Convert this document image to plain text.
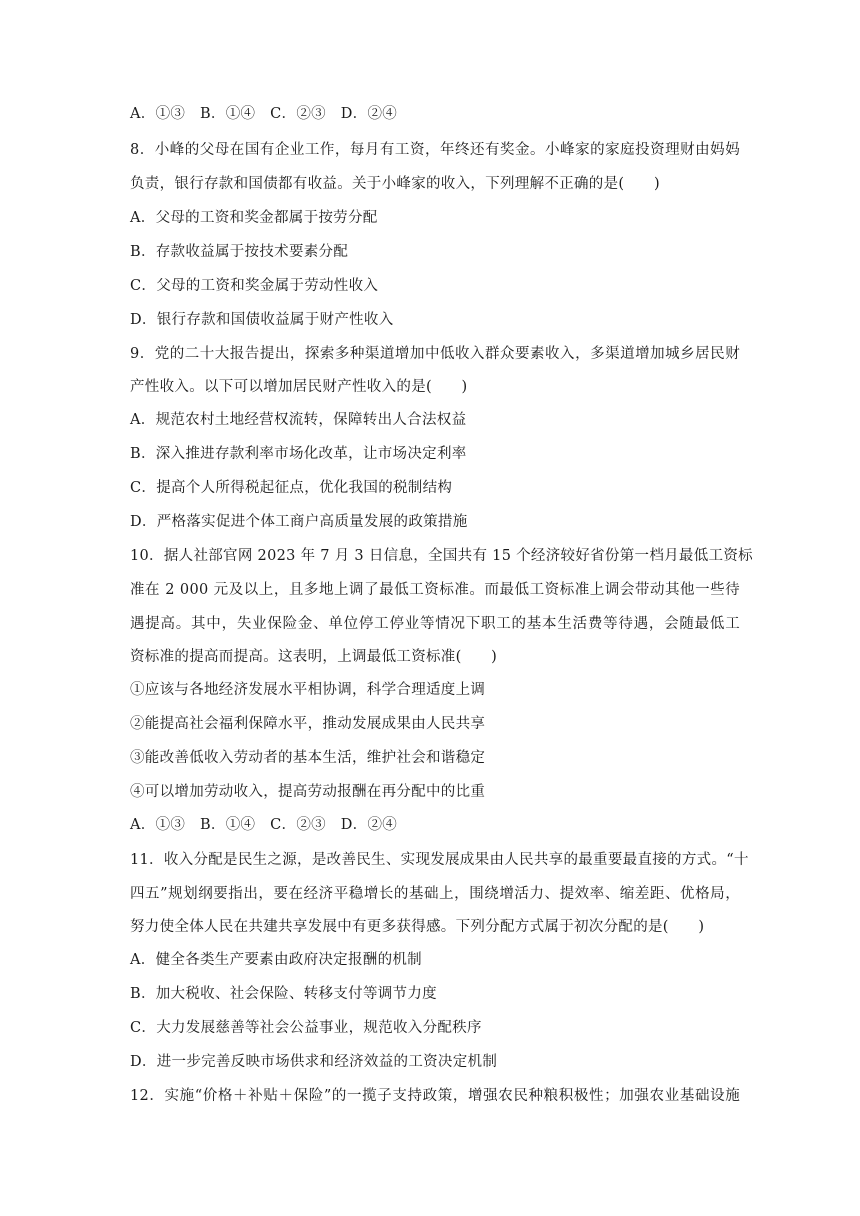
A．①③　B．①④　C．②③　D．②④
8．小峰的父母在国有企业工作，每月有工资，年终还有奖金。小峰家的家庭投资理财由妈妈
负责，银行存款和国债都有收益。关于小峰家的收入，下列理解不正确的是(　　)
A．父母的工资和奖金都属于按劳分配
B．存款收益属于按技术要素分配
C．父母的工资和奖金属于劳动性收入
D．银行存款和国债收益属于财产性收入
9．党的二十大报告提出，探索多种渠道增加中低收入群众要素收入，多渠道增加城乡居民财
产性收入。以下可以增加居民财产性收入的是(　　)
A．规范农村土地经营权流转，保障转出人合法权益
B．深入推进存款利率市场化改革，让市场决定利率
C．提高个人所得税起征点，优化我国的税制结构
D．严格落实促进个体工商户高质量发展的政策措施
10．据人社部官网 2023 年 7 月 3 日信息，全国共有 15 个经济较好省份第一档月最低工资标
准在 2 000 元及以上，且多地上调了最低工资标准。而最低工资标准上调会带动其他一些待
遇提高。其中，失业保险金、单位停工停业等情况下职工的基本生活费等待遇，会随最低工
资标准的提高而提高。这表明，上调最低工资标准(　　)
①应该与各地经济发展水平相协调，科学合理适度上调
②能提高社会福利保障水平，推动发展成果由人民共享
③能改善低收入劳动者的基本生活，维护社会和谐稳定
④可以增加劳动收入，提高劳动报酬在再分配中的比重
A．①③　B．①④　C．②③　D．②④
11．收入分配是民生之源，是改善民生、实现发展成果由人民共享的最重要最直接的方式。“十
四五”规划纲要指出，要在经济平稳增长的基础上，围绕增活力、提效率、缩差距、优格局，
努力使全体人民在共建共享发展中有更多获得感。下列分配方式属于初次分配的是(　　)
A．健全各类生产要素由政府决定报酬的机制
B．加大税收、社会保险、转移支付等调节力度
C．大力发展慈善等社会公益事业，规范收入分配秩序
D．进一步完善反映市场供求和经济效益的工资决定机制
12．实施“价格＋补贴＋保险”的一揽子支持政策，增强农民种粮积极性；加强农业基础设施
